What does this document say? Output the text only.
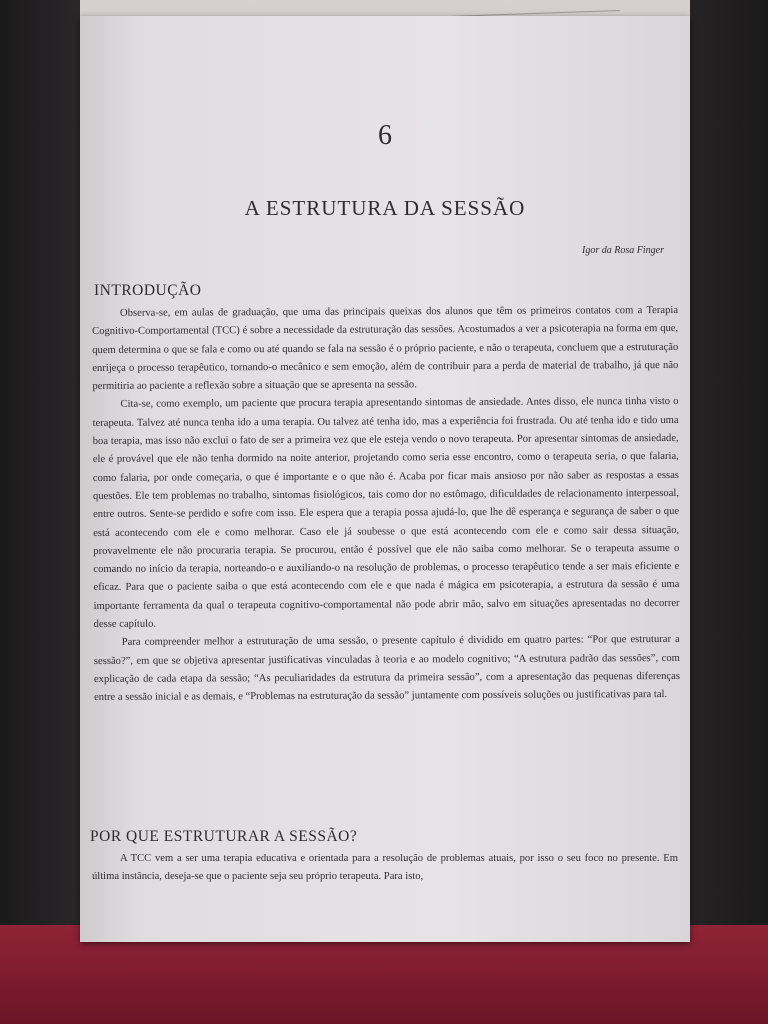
6
A ESTRUTURA DA SESSÃO
Igor da Rosa Finger
INTRODUÇÃO

Observa-se, em aulas de graduação, que uma das principais queixas dos alunos que têm os primeiros contatos com a Terapia Cognitivo-Comportamental (TCC) é sobre a necessidade da estruturação das sessões. Acostumados a ver a psicoterapia na forma em que, quem determina o que se fala e como ou até quando se fala na sessão é o próprio paciente, e não o terapeuta, concluem que a estruturação enrijeça o processo terapêutico, tornando-o mecânico e sem emoção, além de contribuir para a perda de material de trabalho, já que não permitiria ao paciente a reflexão sobre a situação que se apresenta na sessão.

Cita-se, como exemplo, um paciente que procura terapia apresentando sintomas de ansiedade. Antes disso, ele nunca tinha visto o terapeuta. Talvez até nunca tenha ido a uma terapia. Ou talvez até tenha ido, mas a experiência foi frustrada. Ou até tenha ido e tido uma boa terapia, mas isso não exclui o fato de ser a primeira vez que ele esteja vendo o novo terapeuta. Por apresentar sintomas de ansiedade, ele é provável que ele não tenha dormido na noite anterior, projetando como seria esse encontro, como o terapeuta seria, o que falaria, como falaria, por onde começaria, o que é importante e o que não é. Acaba por ficar mais ansioso por não saber as respostas a essas questões. Ele tem problemas no trabalho, sintomas fisiológicos, tais como dor no estômago, dificuldades de relacionamento interpessoal, entre outros. Sente-se perdido e sofre com isso. Ele espera que a terapia possa ajudá-lo, que lhe dê esperança e segurança de saber o que está acontecendo com ele e como melhorar. Caso ele já soubesse o que está acontecendo com ele e como sair dessa situação, provavelmente ele não procuraria terapia. Se procurou, então é possível que ele não saiba como melhorar. Se o terapeuta assume o comando no início da terapia, norteando-o e auxiliando-o na resolução de problemas, o processo terapêutico tende a ser mais eficiente e eficaz. Para que o paciente saiba o que está acontecendo com ele e que nada é mágica em psicoterapia, a estrutura da sessão é uma importante ferramenta da qual o terapeuta cognitivo-comportamental não pode abrir mão, salvo em situações apresentadas no decorrer desse capítulo.

Para compreender melhor a estruturação de uma sessão, o presente capítulo é dividido em quatro partes: “Por que estruturar a sessão?”, em que se objetiva apresentar justificativas vinculadas à teoria e ao modelo cognitivo; “A estrutura padrão das sessões”, com explicação de cada etapa da sessão; “As peculiaridades da estrutura da primeira sessão”, com a apresentação das pequenas diferenças entre a sessão inicial e as demais, e “Problemas na estruturação da sessão” juntamente com possíveis soluções ou justificativas para tal.

POR QUE ESTRUTURAR A SESSÃO?

A TCC vem a ser uma terapia educativa e orientada para a resolução de problemas atuais, por isso o seu foco no presente. Em última instância, deseja-se que o paciente seja seu próprio terapeuta. Para isto,
